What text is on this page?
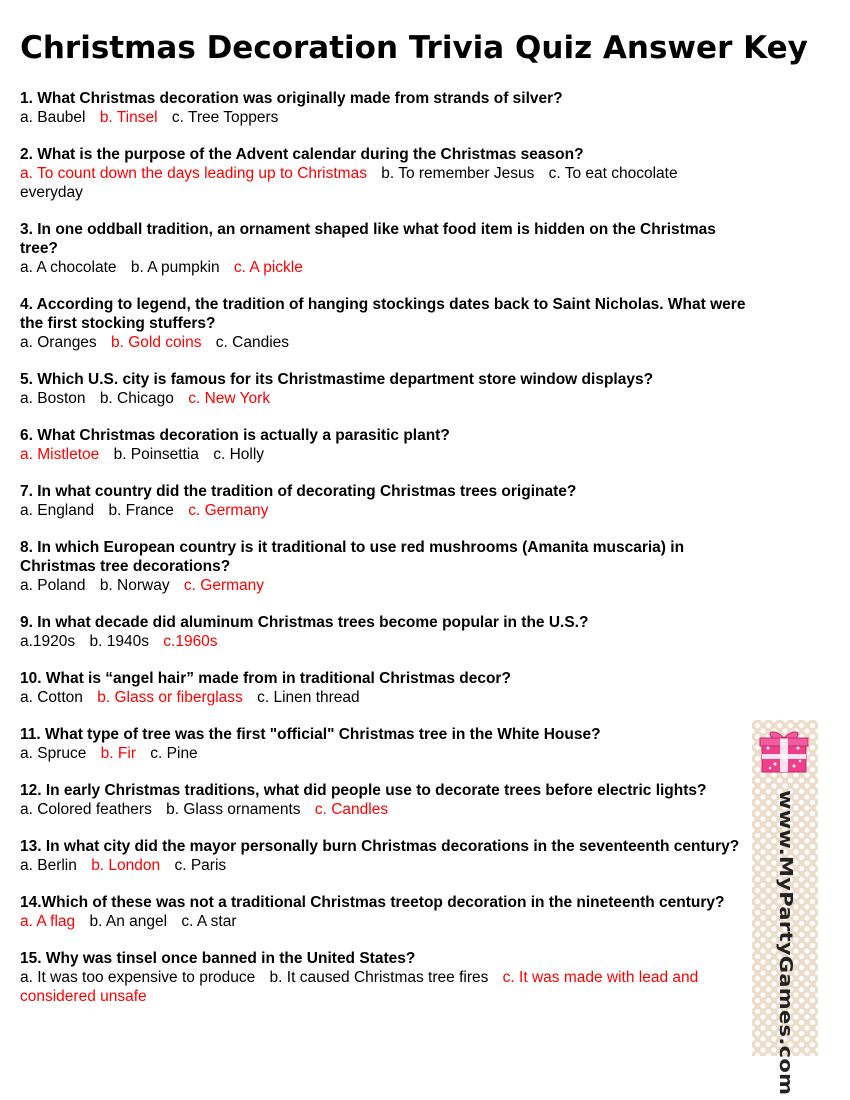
Christmas Decoration Trivia Quiz Answer Key
1. What Christmas decoration was originally made from strands of silver?
a. Baubel b. Tinsel c. Tree Toppers
2. What is the purpose of the Advent calendar during the Christmas season?
a. To count down the days leading up to Christmas b. To remember Jesus c. To eat chocolate everyday
3. In one oddball tradition, an ornament shaped like what food item is hidden on the Christmas tree?
a. A chocolate b. A pumpkin c. A pickle
4. According to legend, the tradition of hanging stockings dates back to Saint Nicholas. What were the first stocking stuffers?
a. Oranges b. Gold coins c. Candies
5. Which U.S. city is famous for its Christmastime department store window displays?
a. Boston b. Chicago c. New York
6. What Christmas decoration is actually a parasitic plant?
a. Mistletoe b. Poinsettia c. Holly
7. In what country did the tradition of decorating Christmas trees originate?
a. England b. France c. Germany
8. In which European country is it traditional to use red mushrooms (Amanita muscaria) in Christmas tree decorations?
a. Poland b. Norway c. Germany
9. In what decade did aluminum Christmas trees become popular in the U.S.?
a.1920s b. 1940s c.1960s
10. What is “angel hair” made from in traditional Christmas decor?
a. Cotton b. Glass or fiberglass c. Linen thread
11. What type of tree was the first "official" Christmas tree in the White House?
a. Spruce b. Fir c. Pine
12. In early Christmas traditions, what did people use to decorate trees before electric lights?
a. Colored feathers b. Glass ornaments c. Candles
13. In what city did the mayor personally burn Christmas decorations in the seventeenth century?
a. Berlin b. London c. Paris
14.Which of these was not a traditional Christmas treetop decoration in the nineteenth century?
a. A flag b. An angel c. A star
15. Why was tinsel once banned in the United States?
a. It was too expensive to produce b. It caused Christmas tree fires c. It was made with lead and considered unsafe	www.MyPartyGames.com
